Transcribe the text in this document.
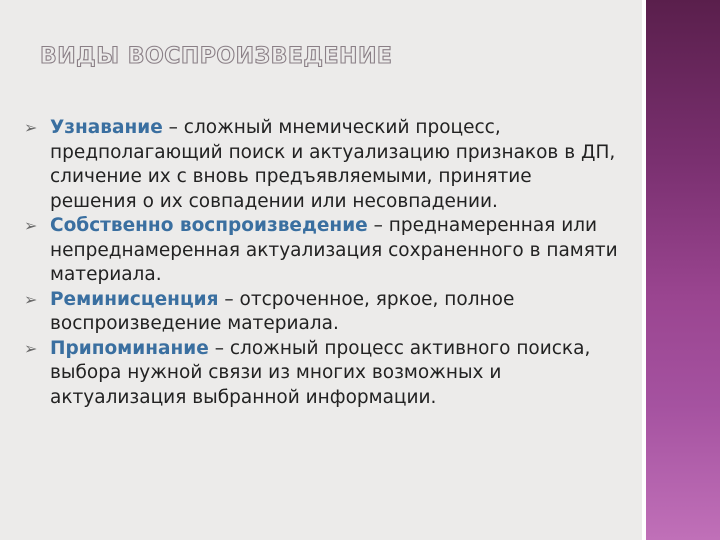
ВИДЫ ВОСПРОИЗВЕДЕНИЕ
➢ Узнавание – сложный мнемический процесс, предполагающий поиск и актуализацию признаков в ДП, сличение их с вновь предъявляемыми, принятие решения о их совпадении или несовпадении.
➢ Собственно воспроизведение – преднамеренная или непреднамеренная актуализация сохраненного в памяти материала.
➢ Реминисценция – отсроченное, яркое, полное воспроизведение материала.
➢ Припоминание – сложный процесс активного поиска, выбора нужной связи из многих возможных и актуализация выбранной информации.
